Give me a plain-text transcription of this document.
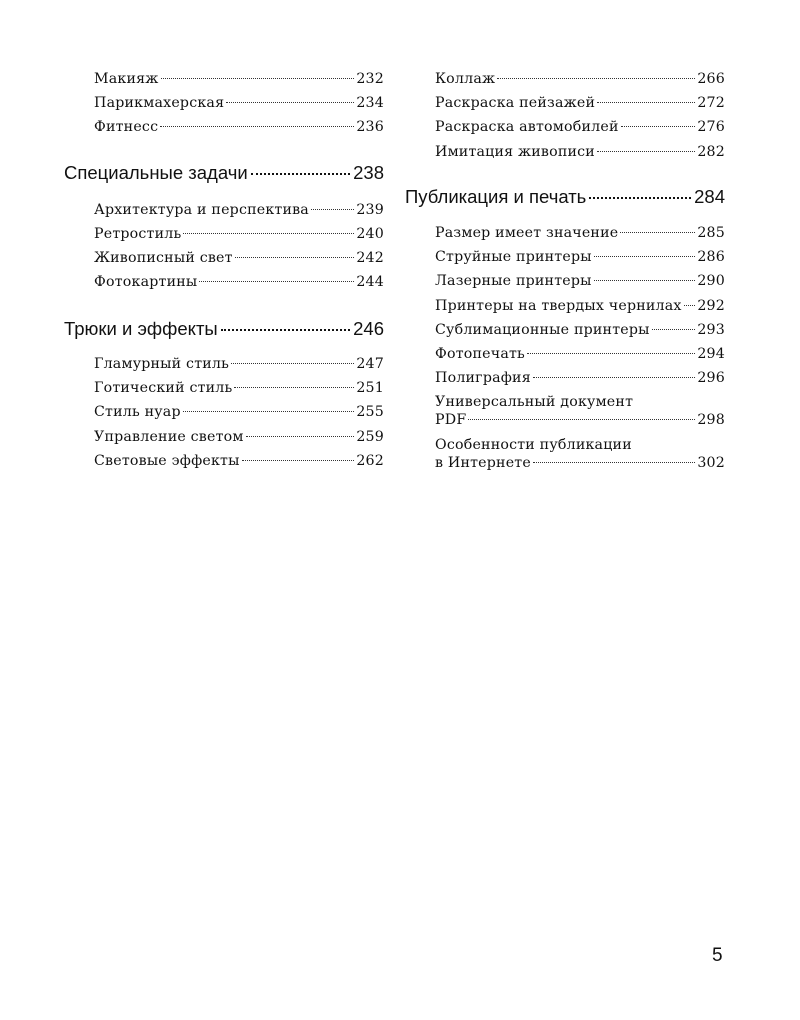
Макияж	232
Парикмахерская	234
Фитнесс	236
Специальные задачи	238
Архитектура и перспектива	239
Ретростиль	240
Живописный свет	242
Фотокартины	244
Трюки и эффекты	246
Гламурный стиль	247
Готический стиль	251
Стиль нуар	255
Управление светом	259
Световые эффекты	262
Коллаж	266
Раскраска пейзажей	272
Раскраска автомобилей	276
Имитация живописи	282
Публикация и печать	284
Размер имеет значение	285
Струйные принтеры	286
Лазерные принтеры	290
Принтеры на твердых чернилах 292
Сублимационные принтеры	293
Фотопечать	294
Полиграфия	296
Универсальный документ
PDF	298
Особенности публикации
в Интернете	302
5
